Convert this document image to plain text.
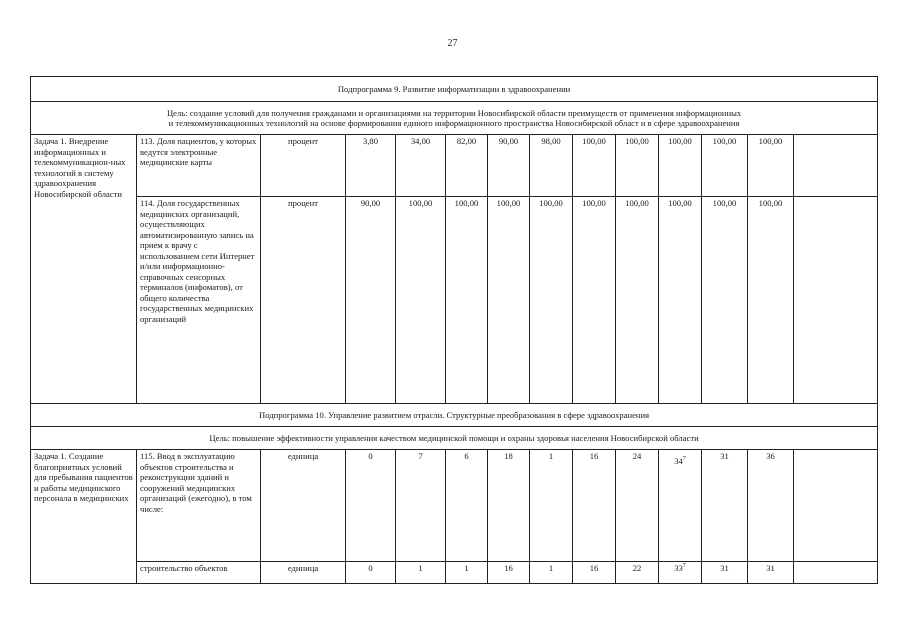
27
Подпрограмма 9. Развитие информатизации в здравоохранении													

Цель: создание условий для получения гражданами и организациями на территории Новосибирской области преимуществ от применения информационных
и телекоммуникационных технологий на основе формирования единого информационного пространства Новосибирской област и в сфере здравоохранения													

Задача 1. Внедрение информационных и телекоммуникацион-ных технологий в систему здравоохранения Новосибирской области	113. Доля пациентов, у которых ведутся электронные медицинские карты	процент	3,80	34,00	82,00	90,00	98,00	100,00	100,00	100,00	100,00	100,00	
	114. Доля государственных медицинских организаций, осуществляющих автоматизированную запись на прием к врачу с использованием сети Интернет и/или информационно-справочных сенсорных терминалов (инфоматов), от общего количества государственных медицинских организаций	процент	90,00	100,00	100,00	100,00	100,00	100,00	100,00	100,00	100,00	100,00	
Подпрограмма 10. Управление развитием отрасли. Структурные преобразования в сфере здравоохранения													
Цель: повышение эффективности управления качеством медицинской помощи и охраны здоровья населения Новосибирской области													
Задача 1. Создание благоприятных условий для пребывания пациентов и работы медицинского персонала в медицинских	115. Ввод в эксплуатацию объектов строительства и реконструкции зданий и сооружений медицинских организаций (ежегодно), в том числе:	единица	0	7	6	18	1	16	24	$34^7$	31	36	
	строительство объектов	единица	0	1	1	16	1	16	22	$33^7$	31	31	
